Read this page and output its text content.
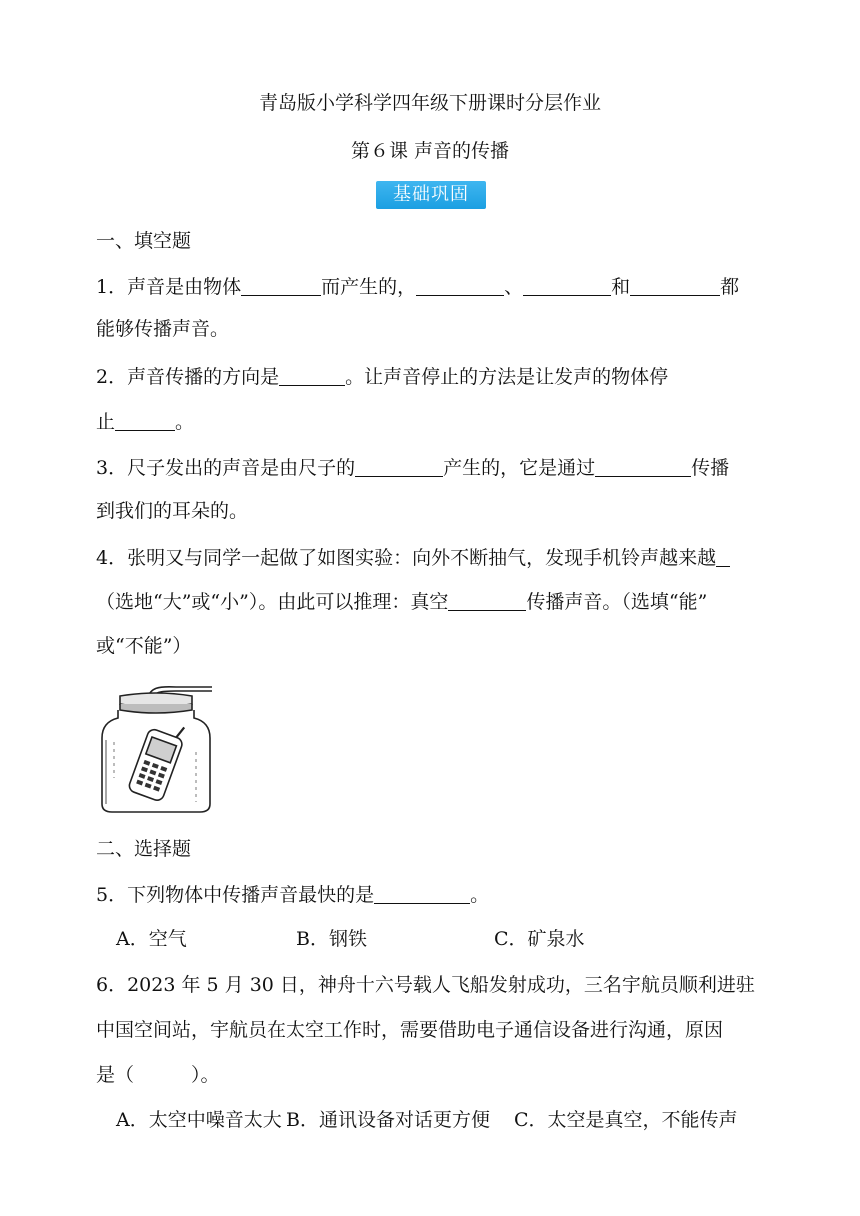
青岛版小学科学四年级下册课时分层作业
第６课 声音的传播
基础巩固
一、填空题
1．声音是由物体	而产生的，	、	和	都
能够传播声音。
2．声音传播的方向是	。让声音停止的方法是让发声的物体停
止	。
3．尺子发出的声音是由尺子的	产生的，它是通过	传播
到我们的耳朵的。
4．张明又与同学一起做了如图实验：向外不断抽气，发现手机铃声越来越
（选地“大”或“小”）。由此可以推理：真空	传播声音。（选填“能”
或“不能”）
二、选择题
5．下列物体中传播声音最快的是	。
A．空气	B．钢铁	C．矿泉水
6．2023 年 5 月 30 日，神舟十六号载人飞船发射成功，三名宇航员顺利进驻
中国空间站，宇航员在太空工作时，需要借助电子通信设备进行沟通，原因
是（　　　）。
A．太空中噪音太大 B．通讯设备对话更方便 C．太空是真空，不能传声
